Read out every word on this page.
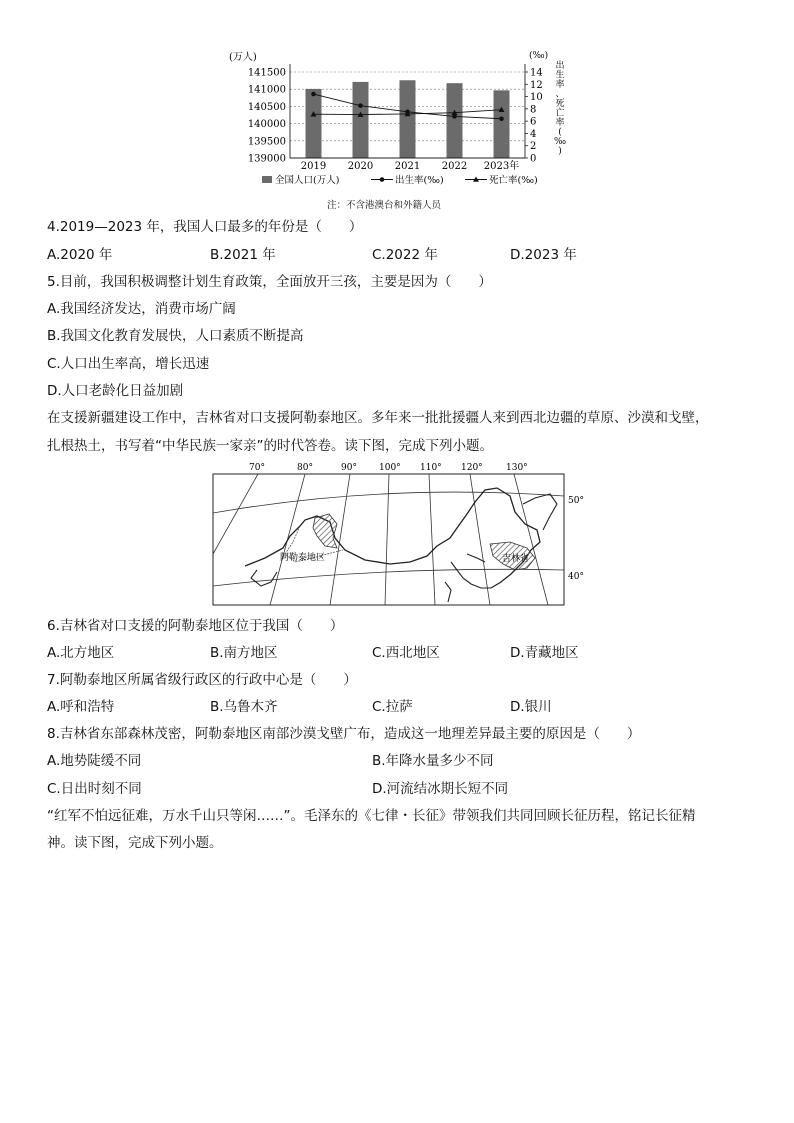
(万人)
141500
141000
140500
140000
139500
139000
(‰)
14
12
10
8
6
4
2
0
出
生
率
、
死
亡
率
(
‰
)
2019 2020 2021 2022 2023年
全国人口(万人)	出生率(‰)	死亡率(‰)
注：不含港澳台和外籍人员
4.2019—2023 年，我国人口最多的年份是（　　）
A.2020 年	B.2021 年	C.2022 年	D.2023 年
5.目前，我国积极调整计划生育政策，全面放开三孩，主要是因为（　　）
A.我国经济发达，消费市场广阔
B.我国文化教育发展快，人口素质不断提高
C.人口出生率高，增长迅速
D.人口老龄化日益加剧
在支援新疆建设工作中，吉林省对口支援阿勒泰地区。多年来一批批援疆人来到西北边疆的草原、沙漠和戈壁，
扎根热土，书写着“中华民族一家亲”的时代答卷。读下图，完成下列小题。
70°	80°	90° 100° 110° 120°	130°
50°
40°
阿勒泰地区	吉林省
6.吉林省对口支援的阿勒泰地区位于我国（　　）
A.北方地区	B.南方地区	C.西北地区	D.青藏地区
7.阿勒泰地区所属省级行政区的行政中心是（　　）
A.呼和浩特	B.乌鲁木齐	C.拉萨	D.银川
8.吉林省东部森林茂密，阿勒泰地区南部沙漠戈壁广布，造成这一地理差异最主要的原因是（　　）
A.地势陡缓不同	B.年降水量多少不同
C.日出时刻不同	D.河流结冰期长短不同
“红军不怕远征难，万水千山只等闲……”。毛泽东的《七律・长征》带领我们共同回顾长征历程，铭记长征精
神。读下图，完成下列小题。
